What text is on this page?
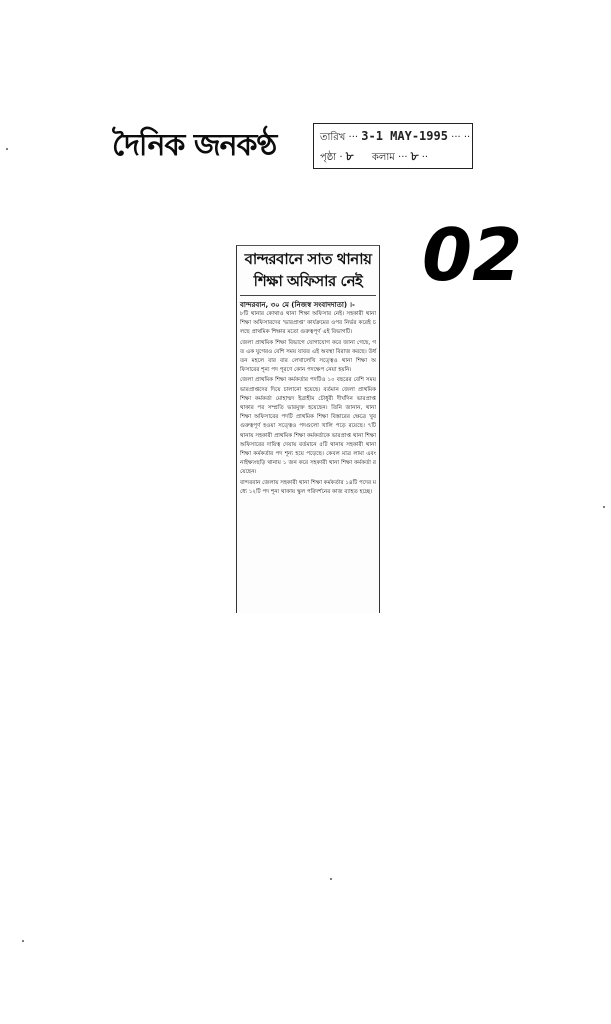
দৈনিক জনকণ্ঠ	তারিখ ··· 3-1 MAY-1995 ··· ··
পৃষ্ঠা · ৮ কলাম ··· ৮ ··
02
বান্দরবানে সাত থানায়
শিক্ষা অফিসার নেই
বান্দরবান, ৩০ মে (নিজস্ব সংবাদদাতা) ।-

৮টি থানার কোথাও থানা শিক্ষা অফিসার নেই। সহকারী থানা শিক্ষা অফিসারদের 'ভারপ্রাপ্ত' কার্যক্রমের ওপর নির্ভর করেই চলছে প্রাথমিক শিক্ষার মতো গুরুত্বপূর্ণ এই বিভাগটি।

জেলা প্রাথমিক শিক্ষা বিভাগে যোগাযোগ করে জানা গেছে, গত এক যুগেরও বেশি সময় যাবত এই অবস্থা বিরাজ করছে। উর্ধতন মহলে বার বার লেখালেখি সত্ত্বেও থানা শিক্ষা অফিসারের শূন্য পদ পূরণে কোন পদক্ষেপ নেয়া হয়নি।

জেলা প্রাথমিক শিক্ষা কর্মকর্তার পদটিও ১০ বছরের বেশি সময় ভারপ্রাপ্তদের দিয়ে চালানো হয়েছে। বর্তমান জেলা প্রাথমিক শিক্ষা কর্মকর্তা মোহাম্মদ ইব্রাহীম চৌধুরী দীর্ঘদিন ভারপ্রাপ্ত থাকার পর সম্প্রতি ভারমুক্ত হয়েছেন। তিনি জানান, থানা শিক্ষা অফিসারের পদটি প্রাথমিক শিক্ষা বিস্তারের ক্ষেত্রে খুব গুরুত্বপূর্ণ হওয়া সত্ত্বেও পদগুলো খালি পড়ে রয়েছে। ৭টি থানায় সহকারী প্রাথমিক শিক্ষা কর্মকর্তাকে ভারপ্রাপ্ত থানা শিক্ষা অফিসারের দায়িত্ব দেয়ায় বর্তমানে ৫টি থানায় সহকারী থানা শিক্ষা কর্মকর্তার পদ শূন্য হয়ে পড়েছে। কেবল মাত্র লামা এবং নাইক্ষ্যংছড়ি থানায় ১ জন করে সহকারী থানা শিক্ষা কর্মকর্তা রয়েছেন।

বান্দরবান জেলায় সহকারী থানা শিক্ষা কর্মকর্তার ১৪টি পদের মধ্যে ১২টি পদ শূন্য থাকায় স্কুল পরিদর্শনের কাজ ব্যাহত হচ্ছে।
